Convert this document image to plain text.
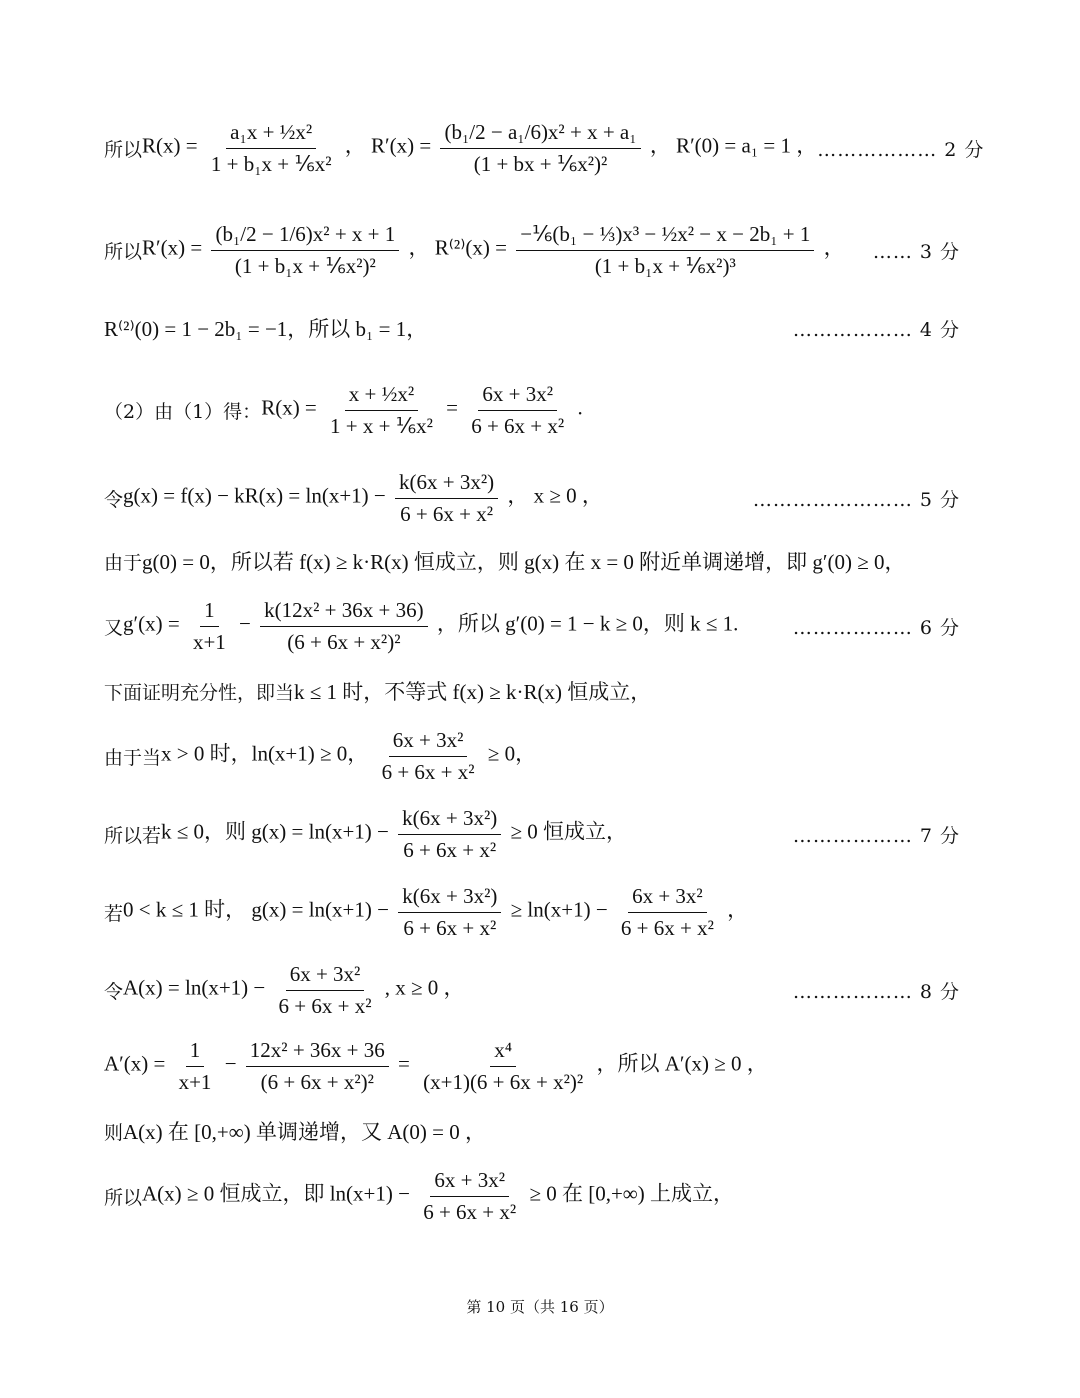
所以 $R(x) = \frac{\text{a₁x + ½x²}}{\text{1 + b₁x + ⅙x²}}$ ， $R'(x) = \frac{\text{(b₁/2 − a₁/6)x² + x + a₁}}{\text{(1 + bx + ⅙x²)²}}$ ， R′(0) = a₁ = 1 ， ……………… 2 分
所以 $R'(x) = \frac{\text{(b₁/2 − 1/6)x² + x + 1}}{\text{(1 + b₁x + ⅙x²)²}}$ ， $R^{(2)}(x) = \frac{\text{−⅙(b₁ − ⅓)x³ − ½x² − x − 2b₁ + 1}}{\text{(1 + b₁x + ⅙x²)³}}$ ， …… 3 分
R⁽²⁾(0) = 1 − 2b₁ = −1，所以 b₁ = 1，	……………… 4 分
（2）由（1）得： $R(x) = \frac{\text{x + ½x²}}{\text{1 + x + ⅙x²}} = \frac{\text{6x + 3x²}}{\text{6 + 6x + x²}}$ .
令 $g(x) = f(x) - kR(x) = \ln(x+1) - \frac{\text{k(6x + 3x²)}}{\text{6 + 6x + x²}}$ ， x ≥ 0 ，	…………………… 5 分
由于 g(0) = 0，所以若 f(x) ≥ k·R(x) 恒成立，则 g(x) 在 x = 0 附近单调递增，即 g′(0) ≥ 0，
又 $g'(x) = \frac{1}{x+1} - \frac{\text{k(12x² + 36x + 36)}}{\text{(6 + 6x + x²)²}}$ ，所以 g′(0) = 1 − k ≥ 0，则 k ≤ 1.	……………… 6 分
下面证明充分性，即当 k ≤ 1 时，不等式 f(x) ≥ k·R(x) 恒成立，
由于当 x > 0 时，ln(x+1) ≥ 0， $\frac{\text{6x + 3x²}}{\text{6 + 6x + x²}} \ge 0$，
所以若 k ≤ 0，则 $g(x) = \ln(x+1) - \frac{\text{k(6x + 3x²)}}{\text{6 + 6x + x²}} \ge 0$ 恒成立，	……………… 7 分
若 0 < k ≤ 1 时， $g(x) = \ln(x+1) - \frac{\text{k(6x + 3x²)}}{\text{6 + 6x + x²}} \ge \ln(x+1) - \frac{\text{6x + 3x²}}{\text{6 + 6x + x²}}$ ，
令 $A(x) = \ln(x+1) - \frac{\text{6x + 3x²}}{\text{6 + 6x + x²}}$ , x ≥ 0 ，	……………… 8 分
$A'(x) = \frac{1}{x+1} - \frac{\text{12x² + 36x + 36}}{\text{(6 + 6x + x²)²}} = \frac{\text{x⁴}}{\text{(x+1)(6 + 6x + x²)²}}$ ，所以 A′(x) ≥ 0 ，
则 A(x) 在 [0,+∞) 单调递增，又 A(0) = 0 ，
所以 A(x) ≥ 0 恒成立，即 $\ln(x+1) - \frac{\text{6x + 3x²}}{\text{6 + 6x + x²}} \ge 0$ 在 [0,+∞) 上成立，
第 10 页（共 16 页）
